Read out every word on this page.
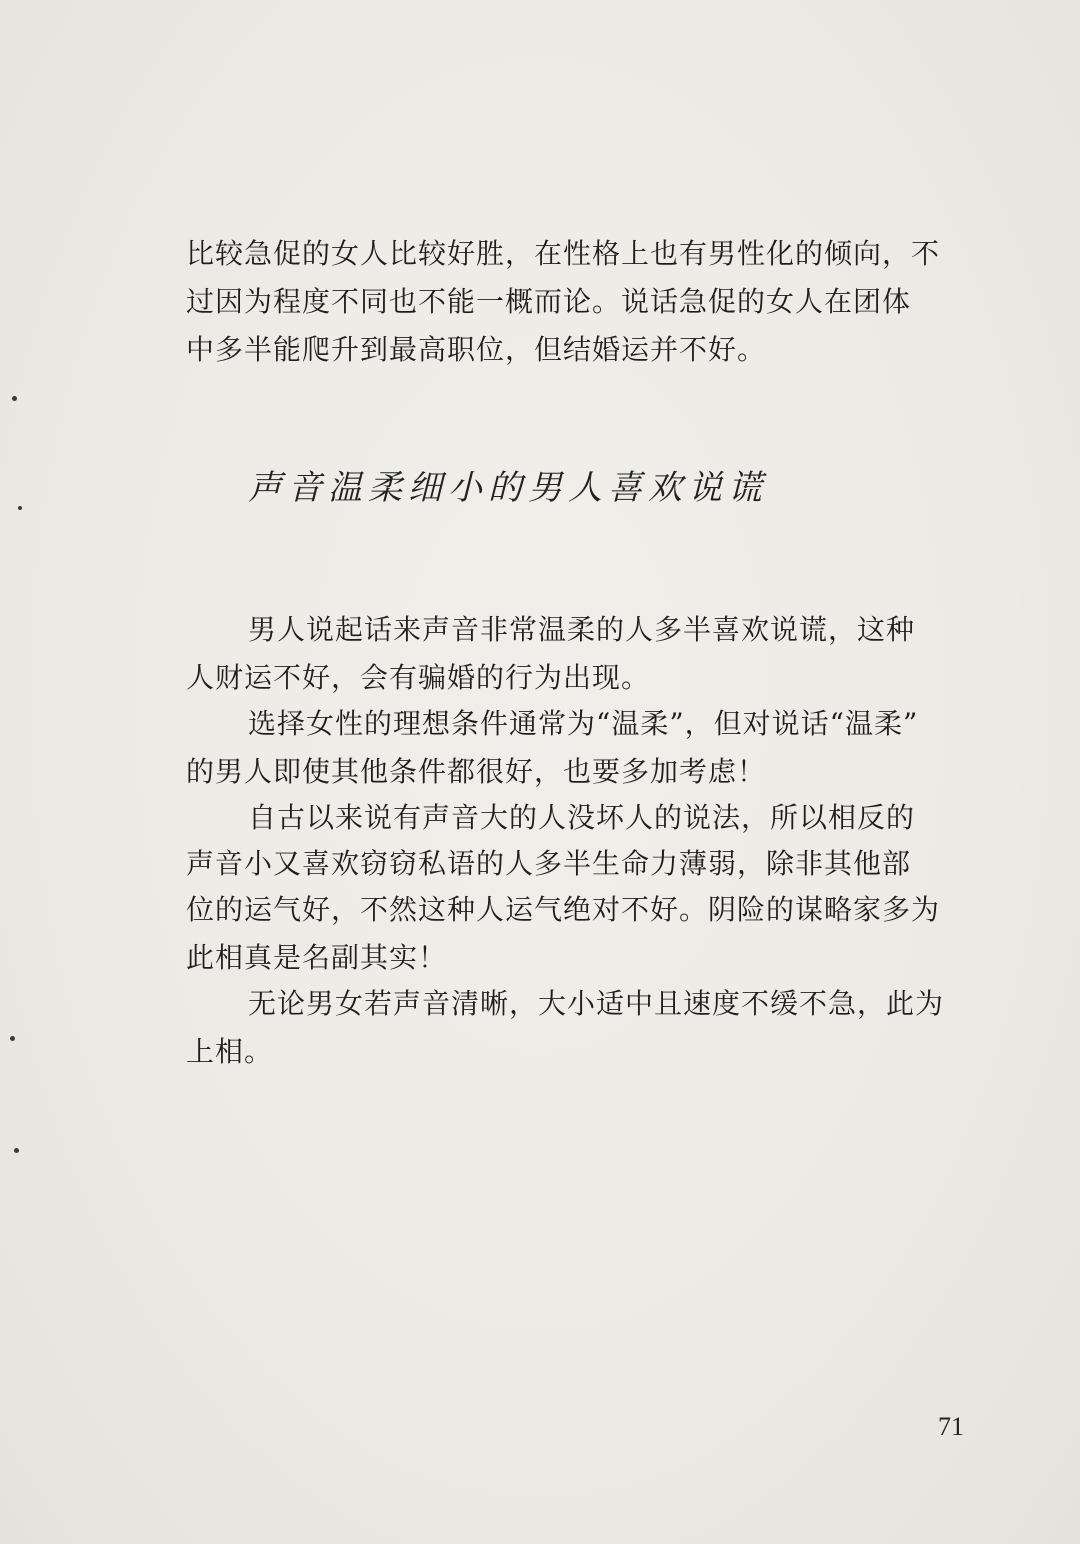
比较急促的女人比较好胜，在性格上也有男性化的倾向，不
过因为程度不同也不能一概而论。说话急促的女人在团体
中多半能爬升到最高职位，但结婚运并不好。
声音温柔细小的男人喜欢说谎
男人说起话来声音非常温柔的人多半喜欢说谎，这种
人财运不好，会有骗婚的行为出现。
选择女性的理想条件通常为“温柔”，但对说话“温柔”
的男人即使其他条件都很好，也要多加考虑！
自古以来说有声音大的人没坏人的说法，所以相反的
声音小又喜欢窃窃私语的人多半生命力薄弱，除非其他部
位的运气好，不然这种人运气绝对不好。阴险的谋略家多为
此相真是名副其实！
无论男女若声音清晰，大小适中且速度不缓不急，此为
上相。
71
